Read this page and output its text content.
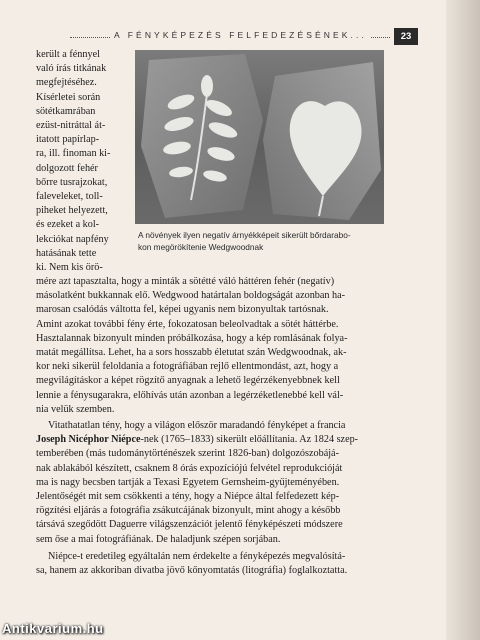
A FÉNYKÉPEZÉS FELFEDEZÉSÉNEK...	23

került a fénnyel

való írás titkának

megfejtéséhez.

Kísérletei során

sötétkamrában

ezüst-nitráttal át-

itatott papírlap-

ra, ill. finoman ki-

dolgozott fehér

bőrre tusrajzokat,

faleveleket, toll-

piheket helyezett,

és ezeket a kol-

lekciókat napfény

hatásának tette

ki. Nem kis örö-

A növények ilyen negatív árnyékképeit sikerült bőrdarabo-
kon megörökítenie Wedgwoodnak

mére azt tapasztalta, hogy a minták a sötétté váló háttéren fehér (negatív)

másolatként bukkannak elő. Wedgwood határtalan boldogságát azonban ha-

marosan csalódás váltotta fel, képei ugyanis nem bizonyultak tartósnak.

Amint azokat további fény érte, fokozatosan beleolvadtak a sötét háttérbe.

Hasztalannak bizonyult minden próbálkozása, hogy a kép romlásának folya-

matát megállítsa. Lehet, ha a sors hosszabb életutat szán Wedgwoodnak, ak-

kor neki sikerül feloldania a fotográfiában rejlő ellentmondást, azt, hogy a

megvilágításkor a képet rögzítő anyagnak a lehető legérzékenyebbnek kell

lennie a fénysugarakra, előhívás után azonban a legérzéketlenebbé kell vál-

nia velük szemben.

Vitathatatlan tény, hogy a világon először maradandó fényképet a francia

Joseph Nicéphor Niépce-nek (1765–1833) sikerült előállítania. Az 1824 szep-

temberében (más tudománytörténészek szerint 1826-ban) dolgozószobájá-

nak ablakából készített, csaknem 8 órás expozíciójú felvétel reprodukcióját

ma is nagy becsben tartják a Texasi Egyetem Gernsheim-gyűjteményében.

Jelentőségét mit sem csökkenti a tény, hogy a Niépce által felfedezett kép-

rögzítési eljárás a fotográfia zsákutcájának bizonyult, mint ahogy a később

társává szegődött Daguerre világszenzációt jelentő fényképészeti módszere

sem őse a mai fotográfiának. De haladjunk szépen sorjában.

Niépce-t eredetileg egyáltalán nem érdekelte a fényképezés megvalósítá-

sa, hanem az akkoriban divatba jövő kőnyomtatás (litográfia) foglalkoztatta.

Antikvarium.hu
